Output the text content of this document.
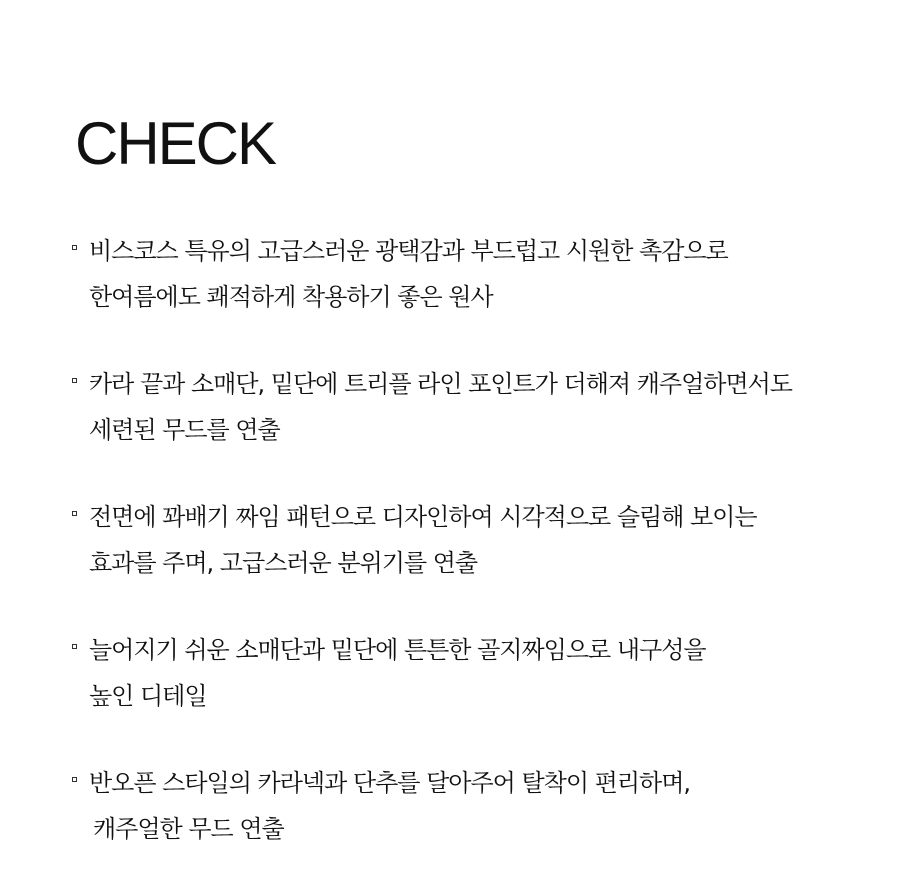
CHECK
비스코스 특유의 고급스러운 광택감과 부드럽고 시원한 촉감으로
한여름에도 쾌적하게 착용하기 좋은 원사
카라 끝과 소매단, 밑단에 트리플 라인 포인트가 더해져 캐주얼하면서도
세련된 무드를 연출
전면에 꽈배기 짜임 패턴으로 디자인하여 시각적으로 슬림해 보이는
효과를 주며, 고급스러운 분위기를 연출
늘어지기 쉬운 소매단과 밑단에 튼튼한 골지짜임으로 내구성을
높인 디테일
반오픈 스타일의 카라넥과 단추를 달아주어 탈착이 편리하며,
캐주얼한 무드 연출
